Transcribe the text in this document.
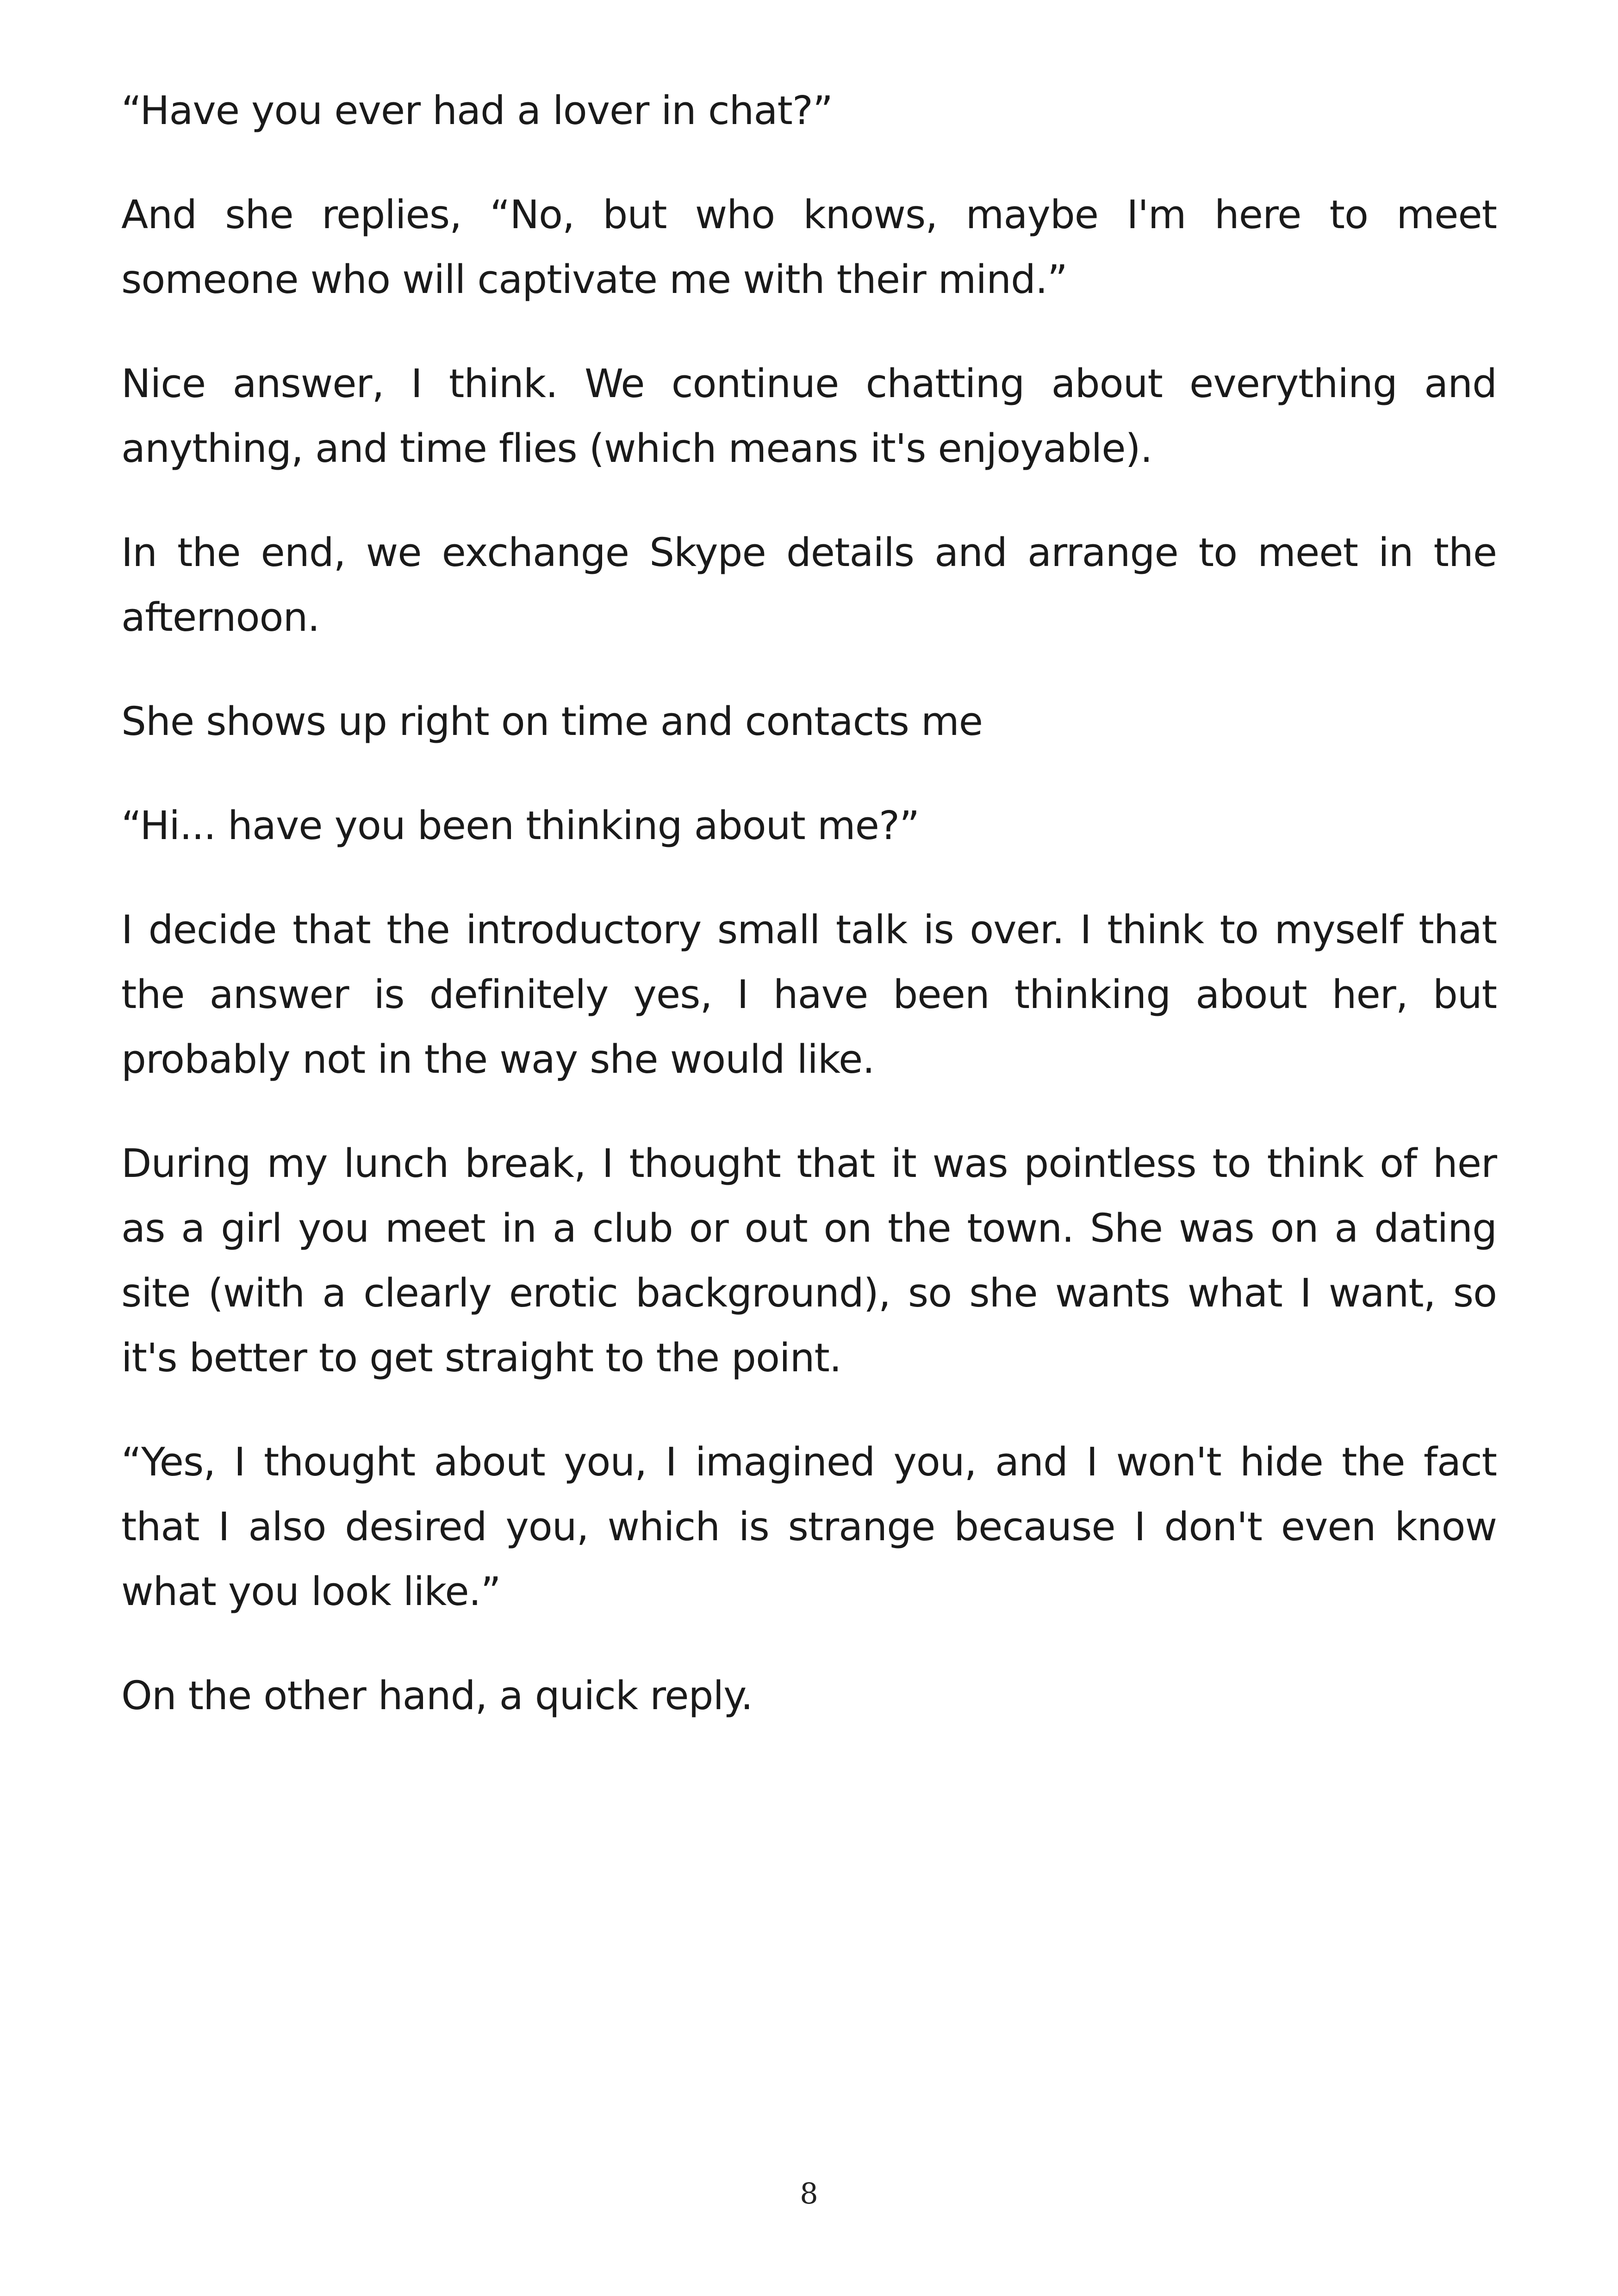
“Have you ever had a lover in chat?”

And she replies, “No, but who knows, maybe I'm here to meet someone who will captivate me with their mind.”

Nice answer, I think. We continue chatting about everything and anything, and time flies (which means it's enjoyable).

In the end, we exchange Skype details and arrange to meet in the afternoon.

She shows up right on time and contacts me

“Hi... have you been thinking about me?”

I decide that the introductory small talk is over. I think to myself that the answer is definitely yes, I have been thinking about her, but probably not in the way she would like.

During my lunch break, I thought that it was pointless to think of her as a girl you meet in a club or out on the town. She was on a dating site (with a clearly erotic background), so she wants what I want, so it's better to get straight to the point.

“Yes, I thought about you, I imagined you, and I won't hide the fact that I also desired you, which is strange because I don't even know what you look like.”

On the other hand, a quick reply.

8
